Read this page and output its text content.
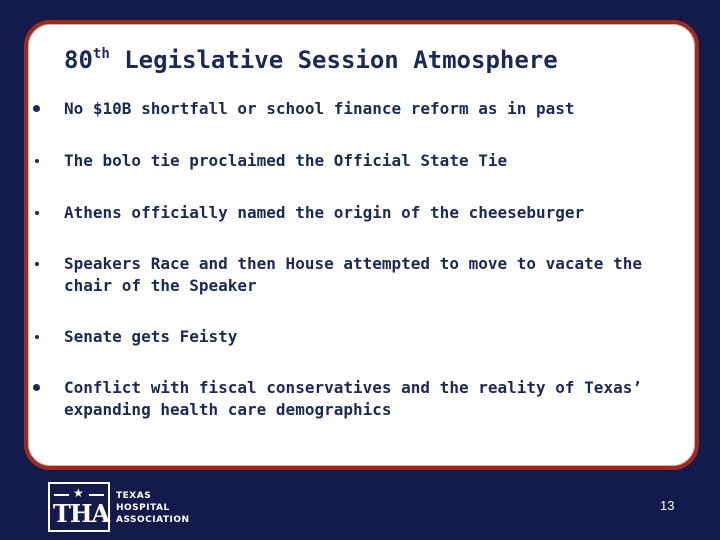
80th Legislative Session Atmosphere
No $10B shortfall or school finance reform as in past
The bolo tie proclaimed the Official State Tie
Athens officially named the origin of the cheeseburger
Speakers Race and then House attempted to move to vacate the chair of the Speaker
Senate gets Feisty
Conflict with fiscal conservatives and the reality of Texas’ expanding health care demographics
★
THA
TEXAS
HOSPITAL
ASSOCIATION
13
